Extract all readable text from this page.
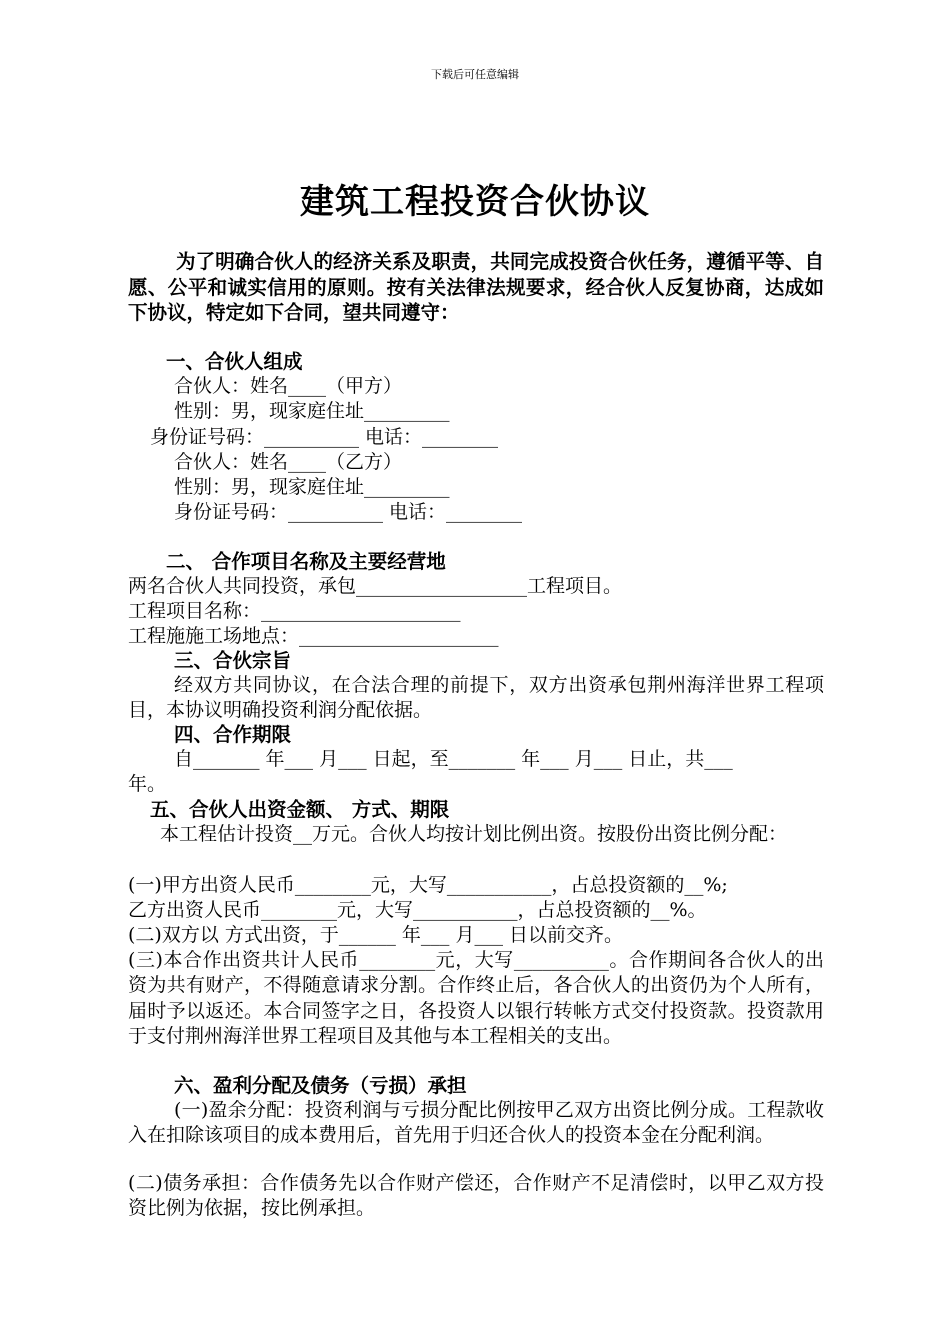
下载后可任意编辑
建筑工程投资合伙协议
为了明确合伙人的经济关系及职责，共同完成投资合伙任务，遵循平等、自愿、公平和诚实信用的原则。按有关法律法规要求，经合伙人反复协商，达成如下协议，特定如下合同，望共同遵守：
一、合伙人组成
合伙人：姓名____（甲方）
性别：男，现家庭住址_________
身份证号码：__________ 电话：________
合伙人：姓名____（乙方）
性别：男，现家庭住址_________
身份证号码：__________ 电话：________
二、 合作项目名称及主要经营地
两名合伙人共同投资，承包__________________工程项目。
工程项目名称：_____________________
工程施施工场地点：_____________________
三、合伙宗旨
经双方共同协议，在合法合理的前提下，双方出资承包荆州海洋世界工程项目，本协议明确投资利润分配依据。
四、合作期限
自_______ 年___ 月___ 日起，至_______ 年___ 月___ 日止，共___
年。
五、合伙人出资金额、 方式、期限
本工程估计投资__万元。合伙人均按计划比例出资。按股份出资比例分配：
(一)甲方出资人民币________元，大写___________，占总投资额的__%;
乙方出资人民币________元，大写___________，占总投资额的__%。
(二)双方以 方式出资，于______ 年___ 月___ 日以前交齐。
(三)本合作出资共计人民币________元，大写__________。合作期间各合伙人的出资为共有财产，不得随意请求分割。合作终止后，各合伙人的出资仍为个人所有，届时予以返还。本合同签字之日，各投资人以银行转帐方式交付投资款。投资款用于支付荆州海洋世界工程项目及其他与本工程相关的支出。
六、盈利分配及债务（亏损）承担
(一)盈余分配：投资利润与亏损分配比例按甲乙双方出资比例分成。工程款收入在扣除该项目的成本费用后，首先用于归还合伙人的投资本金在分配利润。
(二)债务承担：合作债务先以合作财产偿还，合作财产不足清偿时，以甲乙双方投资比例为依据，按比例承担。
